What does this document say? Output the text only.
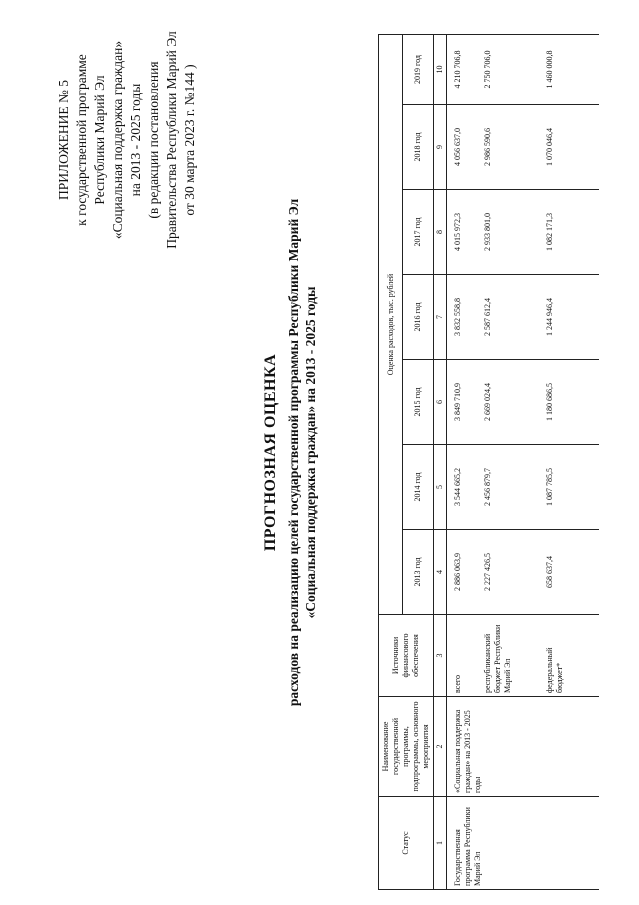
ПРИЛОЖЕНИЕ № 5 к государственной программе Республики Марий Эл «Социальная поддержка граждан» на 2013 - 2025 годы (в редакции постановления Правительства Республики Марий Эл от 30 марта 2023 г. №144 )
ПРОГНОЗНАЯ ОЦЕНКА расходов на реализацию целей государственной программы Республики Марий Эл «Социальная поддержка граждан» на 2013 - 2025 годы
Статус	Наименование государственной программы, подпрограммы, основного мероприятия	Источники финансового обеспечения	Оценка расходов, тыс. рублей						
			2013 год	2014 год	2015 год	2016 год	2017 год	2018 год	2019 год
1	2	3	4	5	6	7	8	9	10
Государственная программа Республики Марий Эл	«Социальная поддержка граждан» на 2013 - 2025 годы	всего	2 886 063,9	3 544 665,2	3 849 710,9	3 832 558,8	4 015 972,3	4 056 637,0	4 210 706,8
		республиканский бюджет Республики Марий Эл	2 227 426,5	2 456 879,7	2 669 024,4	2 587 612,4	2 933 801,0	2 986 590,6	2 750 706,0
		федеральный бюджет*	658 637,4	1 087 785,5	1 180 686,5	1 244 946,4	1 082 171,3	1 070 046,4	1 460 000,8
